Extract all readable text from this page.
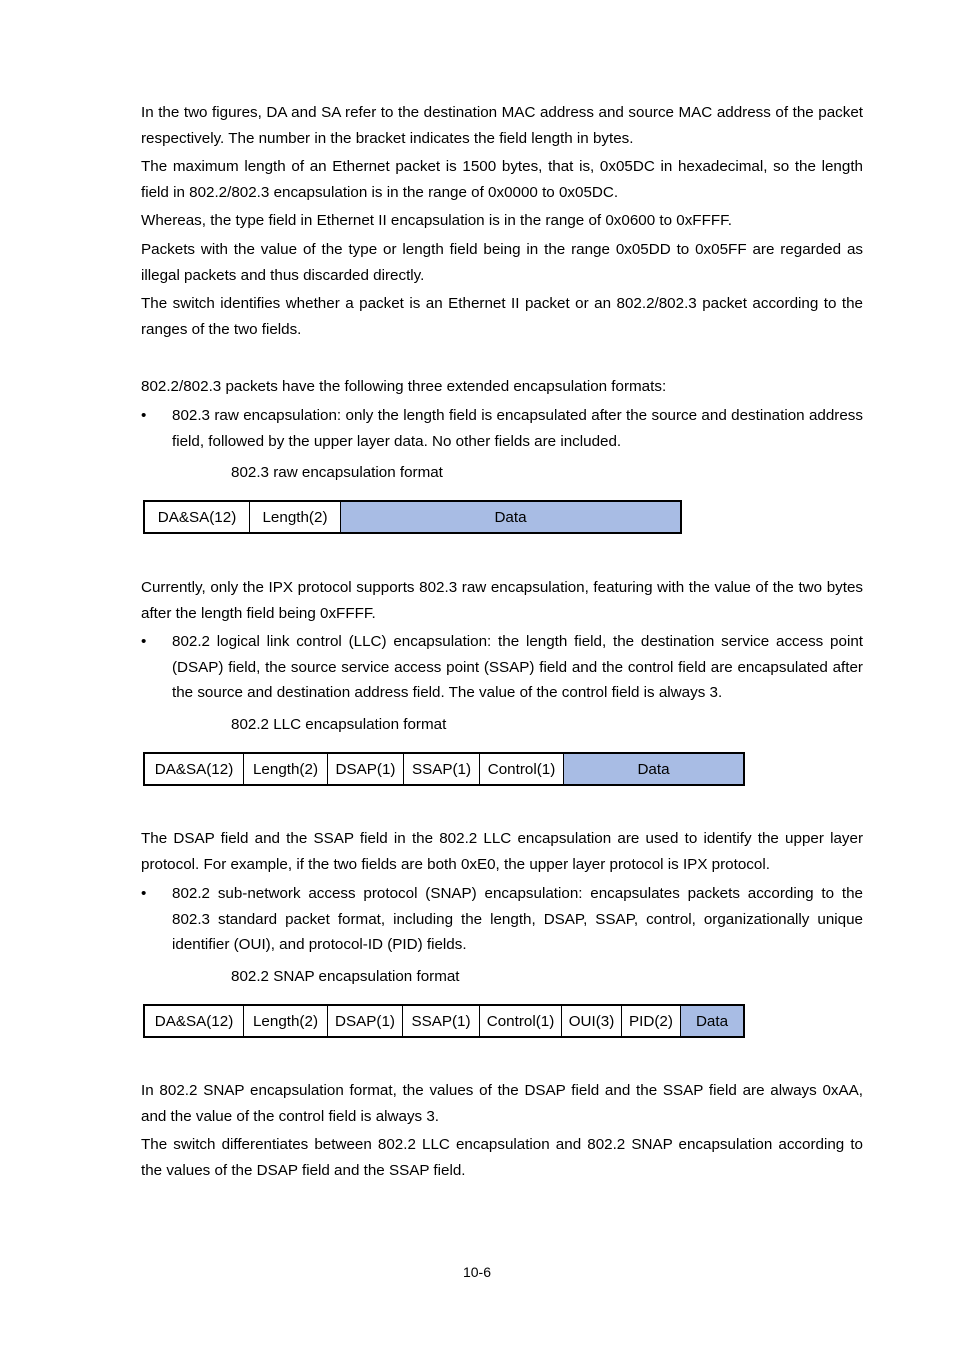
In the two figures, DA and SA refer to the destination MAC address and source MAC address of the packet respectively. The number in the bracket indicates the field length in bytes.

The maximum length of an Ethernet packet is 1500 bytes, that is, 0x05DC in hexadecimal, so the length field in 802.2/802.3 encapsulation is in the range of 0x0000 to 0x05DC.

Whereas, the type field in Ethernet II encapsulation is in the range of 0x0600 to 0xFFFF.

Packets with the value of the type or length field being in the range 0x05DD to 0x05FF are regarded as illegal packets and thus discarded directly.

The switch identifies whether a packet is an Ethernet II packet or an 802.2/802.3 packet according to the ranges of the two fields.

802.2/802.3 packets have the following three extended encapsulation formats:

• 802.3 raw encapsulation: only the length field is encapsulated after the source and destination address field, followed by the upper layer data. No other fields are included.
802.3 raw encapsulation format
DA&SA(12)	Length(2)	Data

Currently, only the IPX protocol supports 802.3 raw encapsulation, featuring with the value of the two bytes after the length field being 0xFFFF.

• 802.2 logical link control (LLC) encapsulation: the length field, the destination service access point (DSAP) field, the source service access point (SSAP) field and the control field are encapsulated after the source and destination address field. The value of the control field is always 3.
802.2 LLC encapsulation format
DA&SA(12)	Length(2)	DSAP(1)	SSAP(1)	Control(1)	Data

The DSAP field and the SSAP field in the 802.2 LLC encapsulation are used to identify the upper layer protocol. For example, if the two fields are both 0xE0, the upper layer protocol is IPX protocol.

• 802.2 sub-network access protocol (SNAP) encapsulation: encapsulates packets according to the 802.3 standard packet format, including the length, DSAP, SSAP, control, organizationally unique identifier (OUI), and protocol-ID (PID) fields.
802.2 SNAP encapsulation format
DA&SA(12)	Length(2)	DSAP(1)	SSAP(1)	Control(1) OUI(3) PID(2)	Data

In 802.2 SNAP encapsulation format, the values of the DSAP field and the SSAP field are always 0xAA, and the value of the control field is always 3.

The switch differentiates between 802.2 LLC encapsulation and 802.2 SNAP encapsulation according to the values of the DSAP field and the SSAP field.

10-6
